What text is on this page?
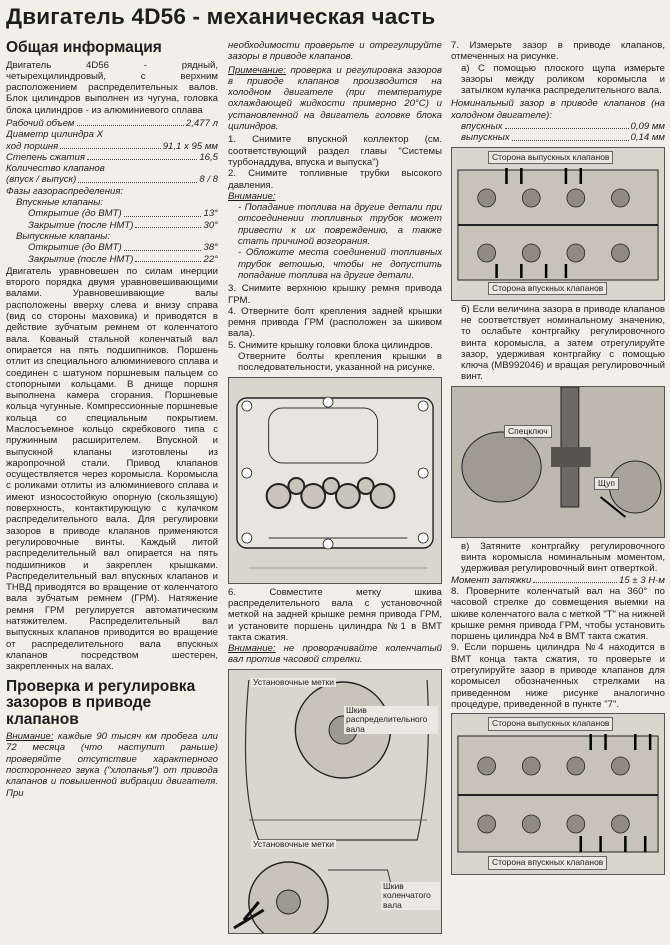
Двигатель 4D56 - механическая часть
Общая информация

Двигатель 4D56 - рядный, четырехцилиндровый, с верхним расположением распределительных валов. Блок цилиндров выполнен из чугуна, головка блока цилиндров - из алюминиевого сплава

Рабочий объем	2,477 л
Диаметр цилиндра X
ход поршня	91,1 х 95 мм
Степень сжатия	16,5
Количество клапанов
(впуск / выпуск)	8 / 8
Фазы газораспределения:
Впускные клапаны:
Открытие (до ВМТ)	13°
Закрытие (после НМТ)	30°
Выпускные клапаны:
Открытие (до ВМТ)	38°
Закрытие (после НМТ)	22°

Двигатель уравновешен по силам инерции второго порядка двумя уравновешивающими валами. Уравновешивающие валы расположены вверху слева и внизу справа (вид со стороны маховика) и приводятся в действие зубчатым ремнем от коленчатого вала. Кованый стальной коленчатый вал опирается на пять подшипников. Поршень отлит из специального алюминиевого сплава и соединен с шатуном поршневым пальцем со стопорными кольцами. В днище поршня выполнена камера сгорания. Поршневые кольца чугунные. Компрессионные поршневые кольца со специальным покрытием. Маслосъемное кольцо скребкового типа с пружинным расширителем. Впускной и выпускной клапаны изготовлены из жаропрочной стали. Привод клапанов осуществляется через коромысла. Коромысла с роликами отлиты из алюминиевого сплава и имеют износостойкую опорную (скользящую) поверхность, контактирующую с кулачком распределительного вала. Для регулировки зазоров в приводе клапанов применяются регулировочные винты. Каждый литой распределительный вал опирается на пять подшипников и закреплен крышками. Распределительный вал впускных клапанов и ТНВД приводятся во вращение от коленчатого вала зубчатым ремнем (ГРМ). Натяжение ремня ГРМ регулируется автоматическим натяжителем. Распределительный вал выпускных клапанов приводится во вращение от распределительного вала впускных клапанов посредством шестерен, закрепленных на валах.

Проверка и регулировка зазоров в приводе клапанов

Внимание: каждые 90 тысяч км пробега или 72 месяца (что наступит раньше) проверяйте отсутствие характерного постороннего звука ("хлопанья") от привода клапанов и повышенной вибрации двигателя. При

необходимости проверьте и отрегулируйте зазоры в приводе клапанов.

Примечание: проверка и регулировка зазоров в приводе клапанов производится на холодном двигателе (при температуре охлаждающей жидкости примерно 20°C) и установленной на двигатель головке блока цилиндров.

1. Снимите впускной коллектор (см. соответствующий раздел главы "Системы турбонаддува, впуска и выпуска")

2. Снимите топливные трубки высокого давления.

Внимание:

- Попадание топлива на другие детали при отсоединении топливных трубок может привести к их повреждению, а также стать причиной возгорания.

- Обложите места соединений топливных трубок ветошью, чтобы не допустить попадание топлива на другие детали.

3. Снимите верхнюю крышку ремня привода ГРМ.

4. Отверните болт крепления задней крышки ремня привода ГРМ (расположен за шкивом вала).

5. Снимите крышку головки блока цилиндров.

Отверните болты крепления крышки в последовательности, указанной на рисунке.

6. Совместите метку шкива распределительного вала с установочной меткой на задней крышке ремня привода ГРМ, и установите поршень цилиндра №1 в ВМТ такта сжатия.

Внимание: не проворачивайте коленчатый вал против часовой стрелки.

Установочные метки
Шкив распределительного вала
Установочные метки
Шкив коленчатого вала

7. Измерьте зазор в приводе клапанов, отмеченных на рисунке.

а) С помощью плоского щупа измерьте зазоры между роликом коромысла и затылком кулачка распределительного вала.

Номинальный зазор в приводе клапанов (на холодном двигателе):

впускных	0,09 мм
выпускных	0,14 мм
Сторона выпускных клапанов
Сторона впускных клапанов

б) Если величина зазора в приводе клапанов не соответствует номинальному значению, то ослабьте контргайку регулировочного винта коромысла, а затем отрегулируйте зазор, удерживая контргайку с помощью ключа (MB992046) и вращая регулировочный винт.

Спецключ
Щуп

в) Затяните контргайку регулировочного винта коромысла номинальным моментом, удерживая регулировочный винт отверткой.

Момент затяжки	15 ± 3 Н·м

8. Проверните коленчатый вал на 360° по часовой стрелке до совмещения выемки на шкиве коленчатого вала с меткой "Т" на нижней крышке ремня привода ГРМ, чтобы установить поршень цилиндра №4 в ВМТ такта сжатия.

9. Если поршень цилиндра №4 находится в ВМТ конца такта сжатия, то проверьте и отрегулируйте зазор в приводе клапанов для коромысел обозначенных стрелками на приведенном ниже рисунке аналогично процедуре, приведенной в пункте "7".

Сторона выпускных клапанов
Сторона впускных клапанов
